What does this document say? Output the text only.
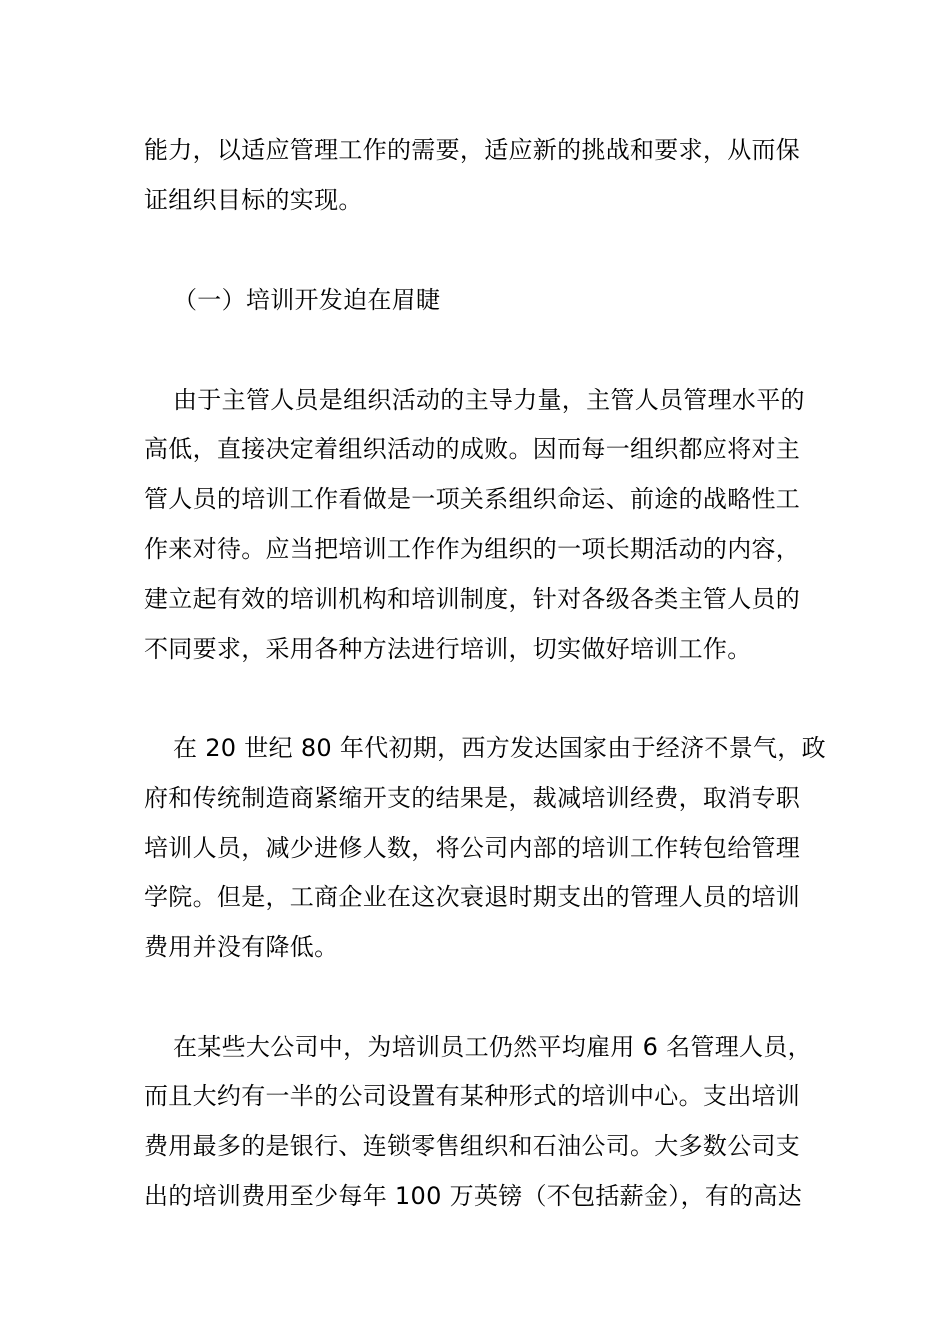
能力，以适应管理工作的需要，适应新的挑战和要求，从而保
证组织目标的实现。
（一）培训开发迫在眉睫
由于主管人员是组织活动的主导力量，主管人员管理水平的
高低，直接决定着组织活动的成败。因而每一组织都应将对主
管人员的培训工作看做是一项关系组织命运、前途的战略性工
作来对待。应当把培训工作作为组织的一项长期活动的内容，
建立起有效的培训机构和培训制度，针对各级各类主管人员的
不同要求，采用各种方法进行培训，切实做好培训工作。
在 20 世纪 80 年代初期，西方发达国家由于经济不景气，政
府和传统制造商紧缩开支的结果是，裁减培训经费，取消专职
培训人员，减少进修人数，将公司内部的培训工作转包给管理
学院。但是，工商企业在这次衰退时期支出的管理人员的培训
费用并没有降低。
在某些大公司中，为培训员工仍然平均雇用 6 名管理人员，
而且大约有一半的公司设置有某种形式的培训中心。支出培训
费用最多的是银行、连锁零售组织和石油公司。大多数公司支
出的培训费用至少每年 100 万英镑（不包括薪金），有的高达
